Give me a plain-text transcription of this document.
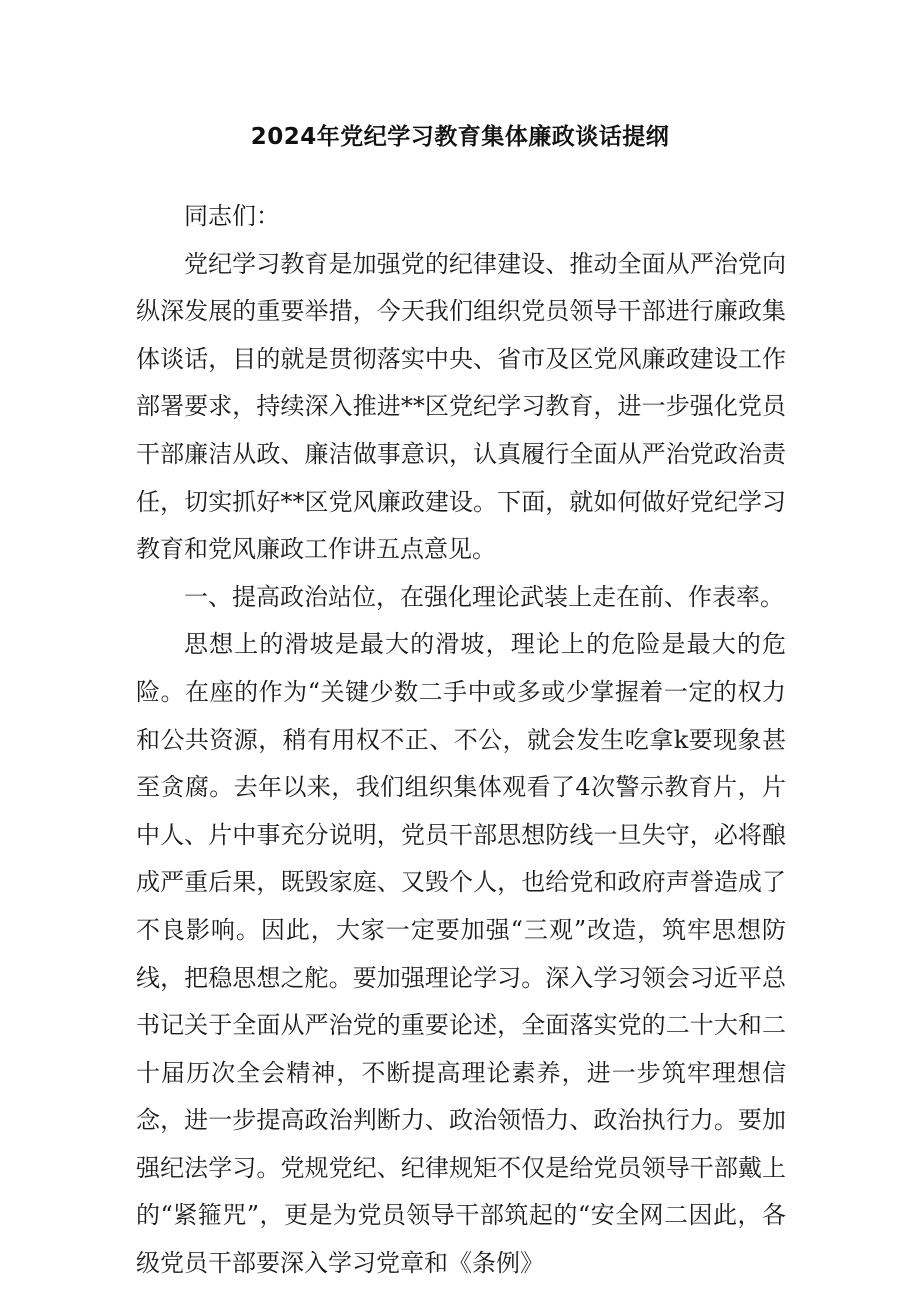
2024年党纪学习教育集体廉政谈话提纲

同志们：

党纪学习教育是加强党的纪律建设、推动全面从严治党向纵深发展的重要举措，今天我们组织党员领导干部进行廉政集体谈话，目的就是贯彻落实中央、省市及区党风廉政建设工作部署要求，持续深入推进**区党纪学习教育，进一步强化党员干部廉洁从政、廉洁做事意识，认真履行全面从严治党政治责任，切实抓好**区党风廉政建设。下面，就如何做好党纪学习教育和党风廉政工作讲五点意见。

一、提高政治站位，在强化理论武装上走在前、作表率。

思想上的滑坡是最大的滑坡，理论上的危险是最大的危险。在座的作为“关键少数二手中或多或少掌握着一定的权力和公共资源，稍有用权不正、不公，就会发生吃拿k要现象甚至贪腐。去年以来，我们组织集体观看了4次警示教育片，片中人、片中事充分说明，党员干部思想防线一旦失守，必将酿成严重后果，既毁家庭、又毁个人，也给党和政府声誉造成了不良影响。因此，大家一定要加强“三观”改造，筑牢思想防线，把稳思想之舵。要加强理论学习。深入学习领会习近平总书记关于全面从严治党的重要论述，全面落实党的二十大和二十届历次全会精神，不断提高理论素养，进一步筑牢理想信念，进一步提高政治判断力、政治领悟力、政治执行力。要加强纪法学习。党规党纪、纪律规矩不仅是给党员领导干部戴上的“紧箍咒”，更是为党员领导干部筑起的“安全网二因此，各级党员干部要深入学习党章和《条例》
